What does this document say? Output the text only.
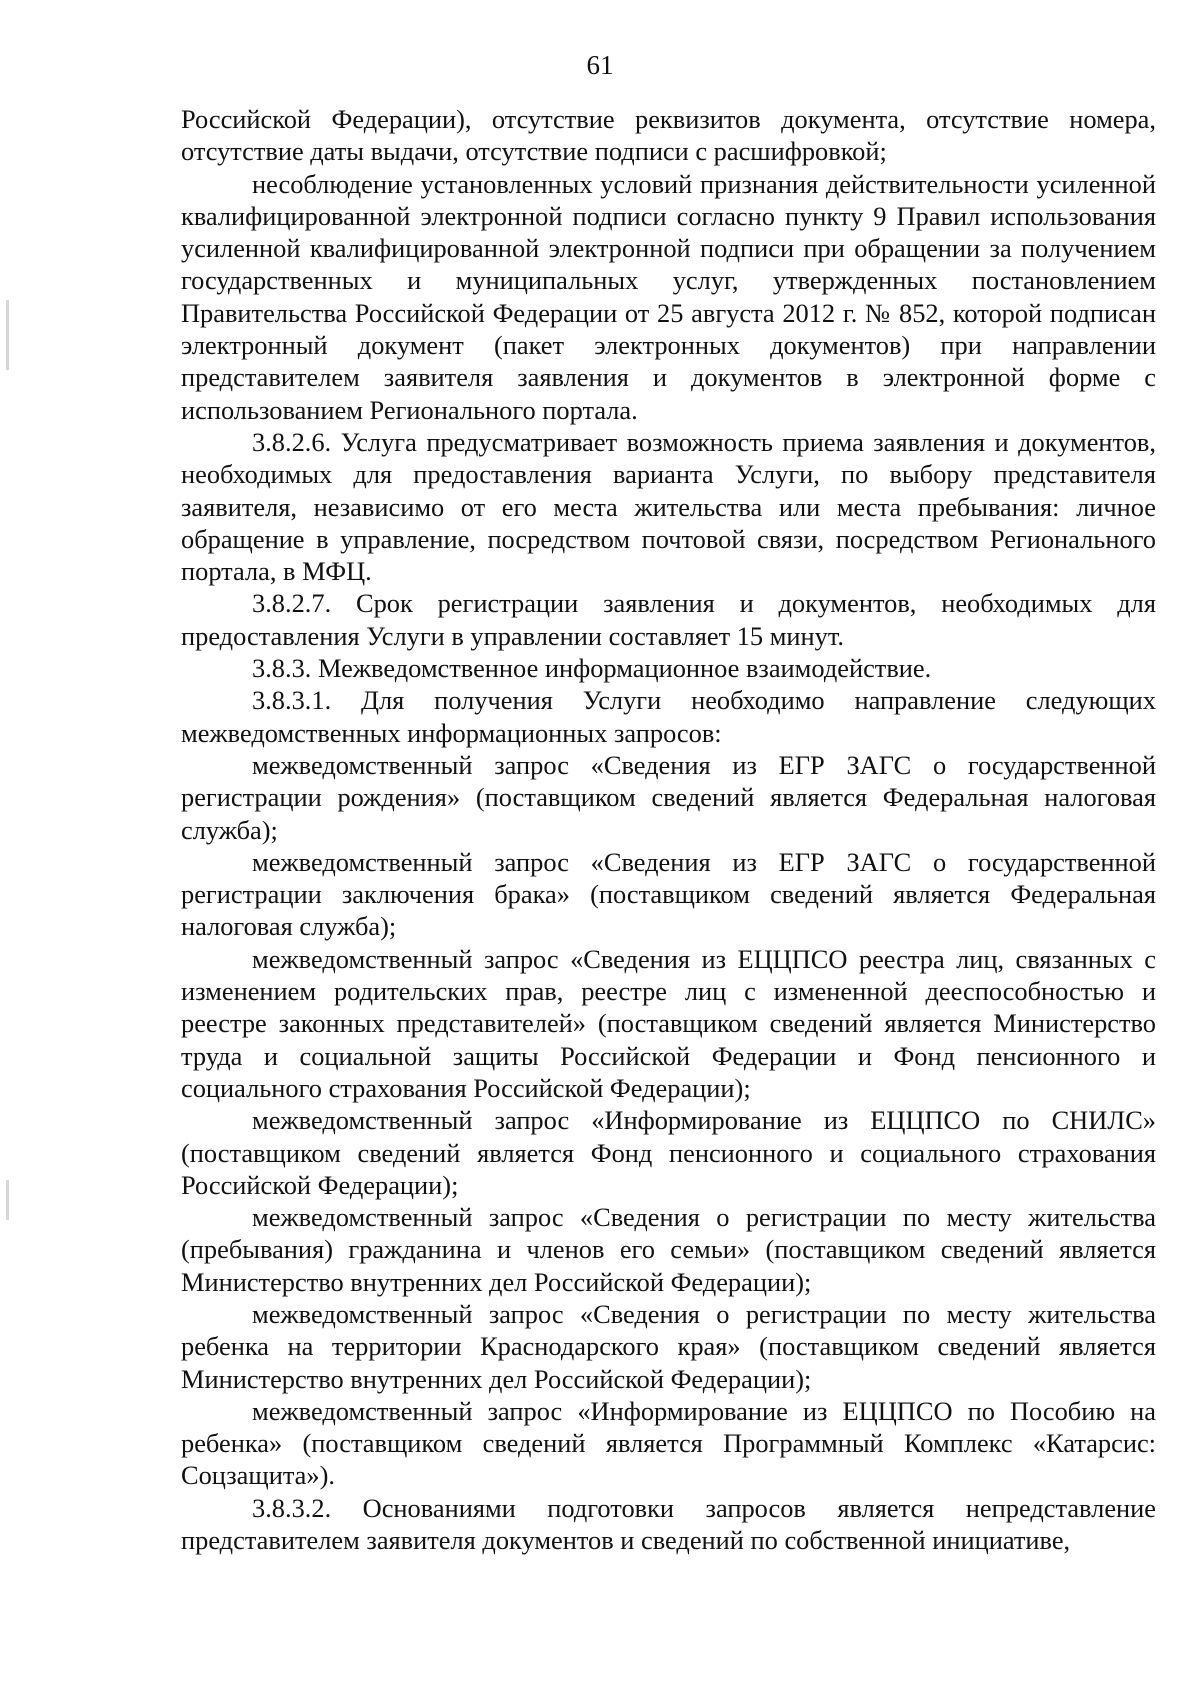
61

Российской Федерации), отсутствие реквизитов документа, отсутствие номера, отсутствие даты выдачи, отсутствие подписи с расшифровкой;

несоблюдение установленных условий признания действительности усиленной квалифицированной электронной подписи согласно пункту 9 Правил использования усиленной квалифицированной электронной подписи при обращении за получением государственных и муниципальных услуг, утвержденных постановлением Правительства Российской Федерации от 25 августа 2012 г. № 852, которой подписан электронный документ (пакет электронных документов) при направлении представителем заявителя заявления и документов в электронной форме с использованием Регионального портала.

3.8.2.6. Услуга предусматривает возможность приема заявления и документов, необходимых для предоставления варианта Услуги, по выбору представителя заявителя, независимо от его места жительства или места пребывания: личное обращение в управление, посредством почтовой связи, посредством Регионального портала, в МФЦ.

3.8.2.7. Срок регистрации заявления и документов, необходимых для предоставления Услуги в управлении составляет 15 минут.

3.8.3. Межведомственное информационное взаимодействие.

3.8.3.1. Для получения Услуги необходимо направление следующих межведомственных информационных запросов:

межведомственный запрос «Сведения из ЕГР ЗАГС о государственной регистрации рождения» (поставщиком сведений является Федеральная налоговая служба);

межведомственный запрос «Сведения из ЕГР ЗАГС о государственной регистрации заключения брака» (поставщиком сведений является Федеральная налоговая служба);

межведомственный запрос «Сведения из ЕЦЦПСО реестра лиц, связанных с изменением родительских прав, реестре лиц с измененной дееспособностью и реестре законных представителей» (поставщиком сведений является Министерство труда и социальной защиты Российской Федерации и Фонд пенсионного и социального страхования Российской Федерации);

межведомственный запрос «Информирование из ЕЦЦПСО по СНИЛС» (поставщиком сведений является Фонд пенсионного и социального страхования Российской Федерации);

межведомственный запрос «Сведения о регистрации по месту жительства (пребывания) гражданина и членов его семьи» (поставщиком сведений является Министерство внутренних дел Российской Федерации);

межведомственный запрос «Сведения о регистрации по месту жительства ребенка на территории Краснодарского края» (поставщиком сведений является Министерство внутренних дел Российской Федерации);

межведомственный запрос «Информирование из ЕЦЦПСО по Пособию на ребенка» (поставщиком сведений является Программный Комплекс «Катарсис: Соцзащита»).

3.8.3.2. Основаниями подготовки запросов является непредставление представителем заявителя документов и сведений по собственной инициативе,
